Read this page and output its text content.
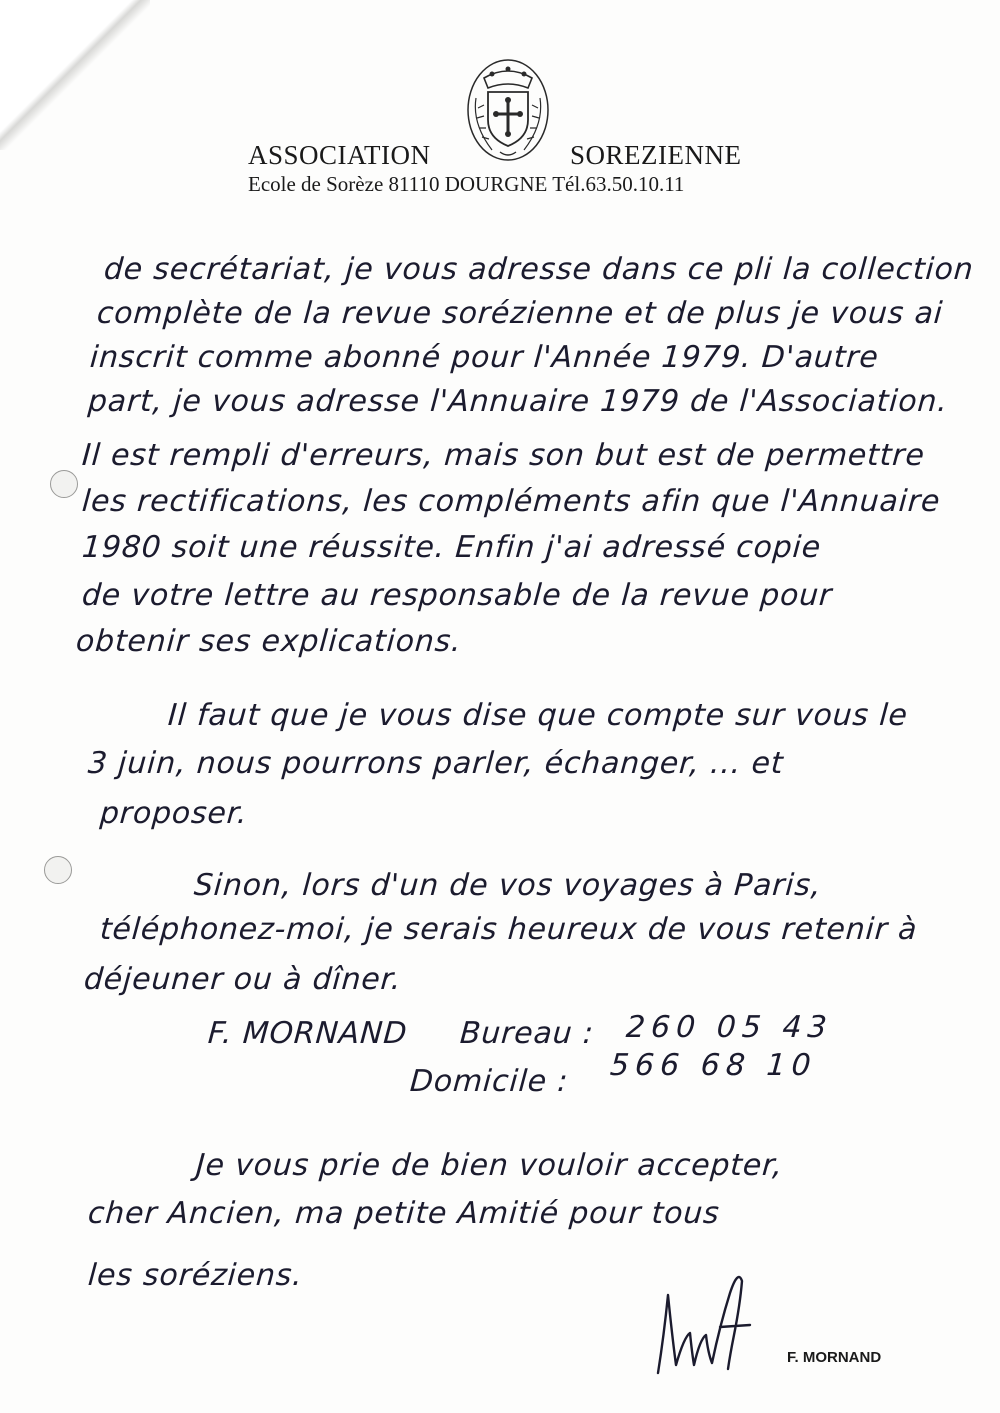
ASSOCIATION	SOREZIENNE
Ecole de Sorèze 81110 DOURGNE Tél.63.50.10.11
de secrétariat, je vous adresse dans ce pli la collection
complète de la revue sorézienne et de plus je vous ai
inscrit comme abonné pour l'Année 1979. D'autre
part, je vous adresse l'Annuaire 1979 de l'Association.
Il est rempli d'erreurs, mais son but est de permettre
les rectifications, les compléments afin que l'Annuaire
1980 soit une réussite. Enfin j'ai adressé copie
de votre lettre au responsable de la revue pour
obtenir ses explications.
Il faut que je vous dise que compte sur vous le
3 juin, nous pourrons parler, échanger, ... et
proposer.
Sinon, lors d'un de vos voyages à Paris,
téléphonez-moi, je serais heureux de vous retenir à
déjeuner ou à dîner.
F. MORNAND Bureau : 260 05 43
Domicile : 566 68 10
Je vous prie de bien vouloir accepter,
cher Ancien, ma petite Amitié pour tous
les soréziens.
F. MORNAND
